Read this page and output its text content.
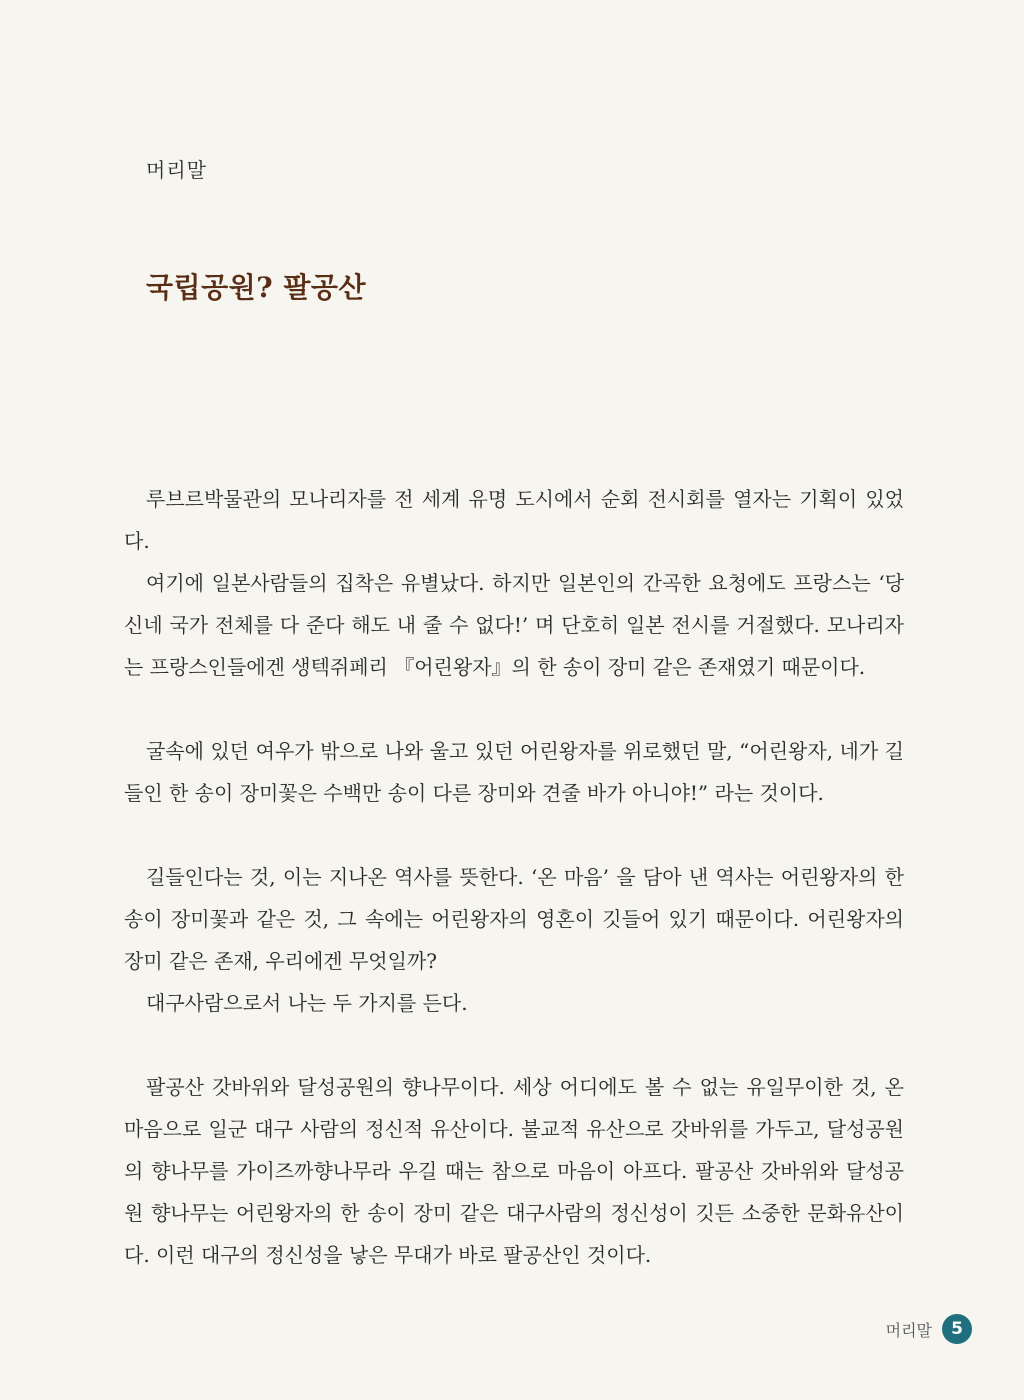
머리말
국립공원? 팔공산

루브르박물관의 모나리자를 전 세계 유명 도시에서 순회 전시회를 열자는 기획이 있었다.

여기에 일본사람들의 집착은 유별났다. 하지만 일본인의 간곡한 요청에도 프랑스는 ‘당신네 국가 전체를 다 준다 해도 내 줄 수 없다!’ 며 단호히 일본 전시를 거절했다. 모나리자는 프랑스인들에겐 생텍쥐페리 『어린왕자』의 한 송이 장미 같은 존재였기 때문이다.

굴속에 있던 여우가 밖으로 나와 울고 있던 어린왕자를 위로했던 말, “어린왕자, 네가 길들인 한 송이 장미꽃은 수백만 송이 다른 장미와 견줄 바가 아니야!” 라는 것이다.

길들인다는 것, 이는 지나온 역사를 뜻한다. ‘온 마음’ 을 담아 낸 역사는 어린왕자의 한 송이 장미꽃과 같은 것, 그 속에는 어린왕자의 영혼이 깃들어 있기 때문이다. 어린왕자의 장미 같은 존재, 우리에겐 무엇일까?

대구사람으로서 나는 두 가지를 든다.

팔공산 갓바위와 달성공원의 향나무이다. 세상 어디에도 볼 수 없는 유일무이한 것, 온 마음으로 일군 대구 사람의 정신적 유산이다. 불교적 유산으로 갓바위를 가두고, 달성공원의 향나무를 가이즈까향나무라 우길 때는 참으로 마음이 아프다. 팔공산 갓바위와 달성공원 향나무는 어린왕자의 한 송이 장미 같은 대구사람의 정신성이 깃든 소중한 문화유산이다. 이런 대구의 정신성을 낳은 무대가 바로 팔공산인 것이다.

머리말	5
